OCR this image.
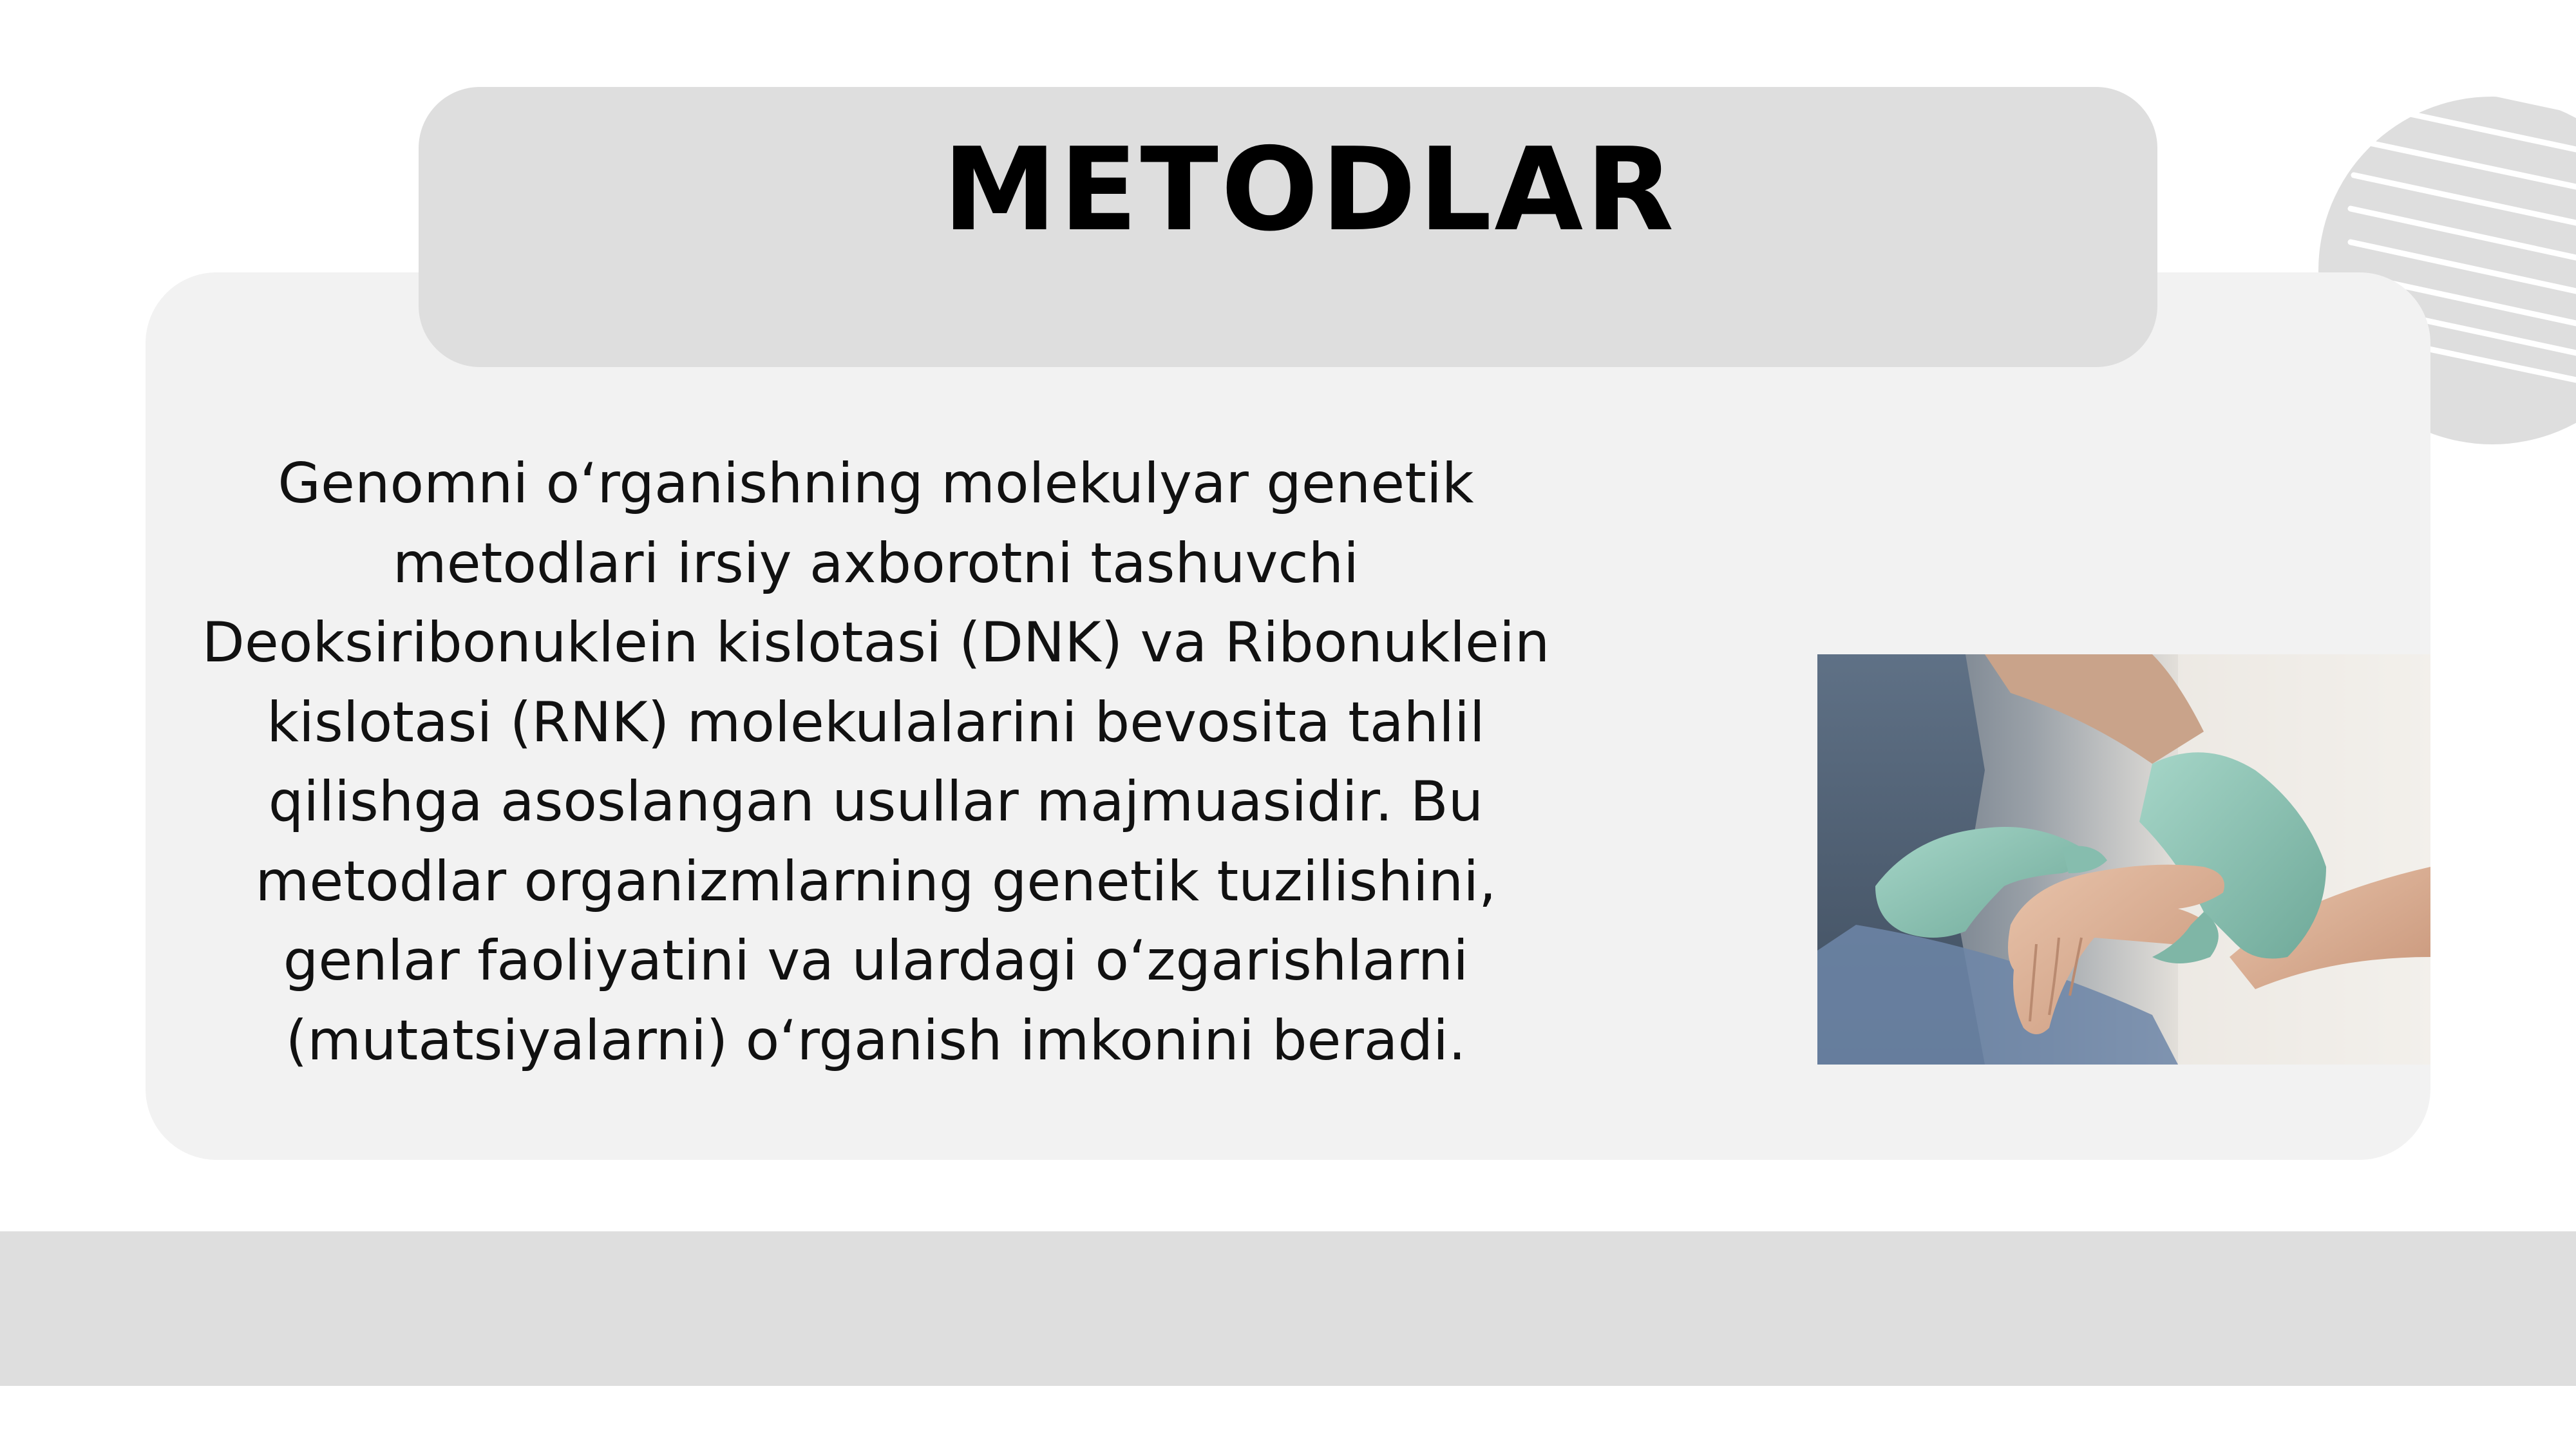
METODLAR
Genomni o‘rganishning molekulyar genetik
metodlari irsiy axborotni tashuvchi
Deoksiribonuklein kislotasi (DNK) va Ribonuklein
kislotasi (RNK) molekulalarini bevosita tahlil
qilishga asoslangan usullar majmuasidir. Bu
metodlar organizmlarning genetik tuzilishini,
genlar faoliyatini va ulardagi o‘zgarishlarni
(mutatsiyalarni) o‘rganish imkonini beradi.
